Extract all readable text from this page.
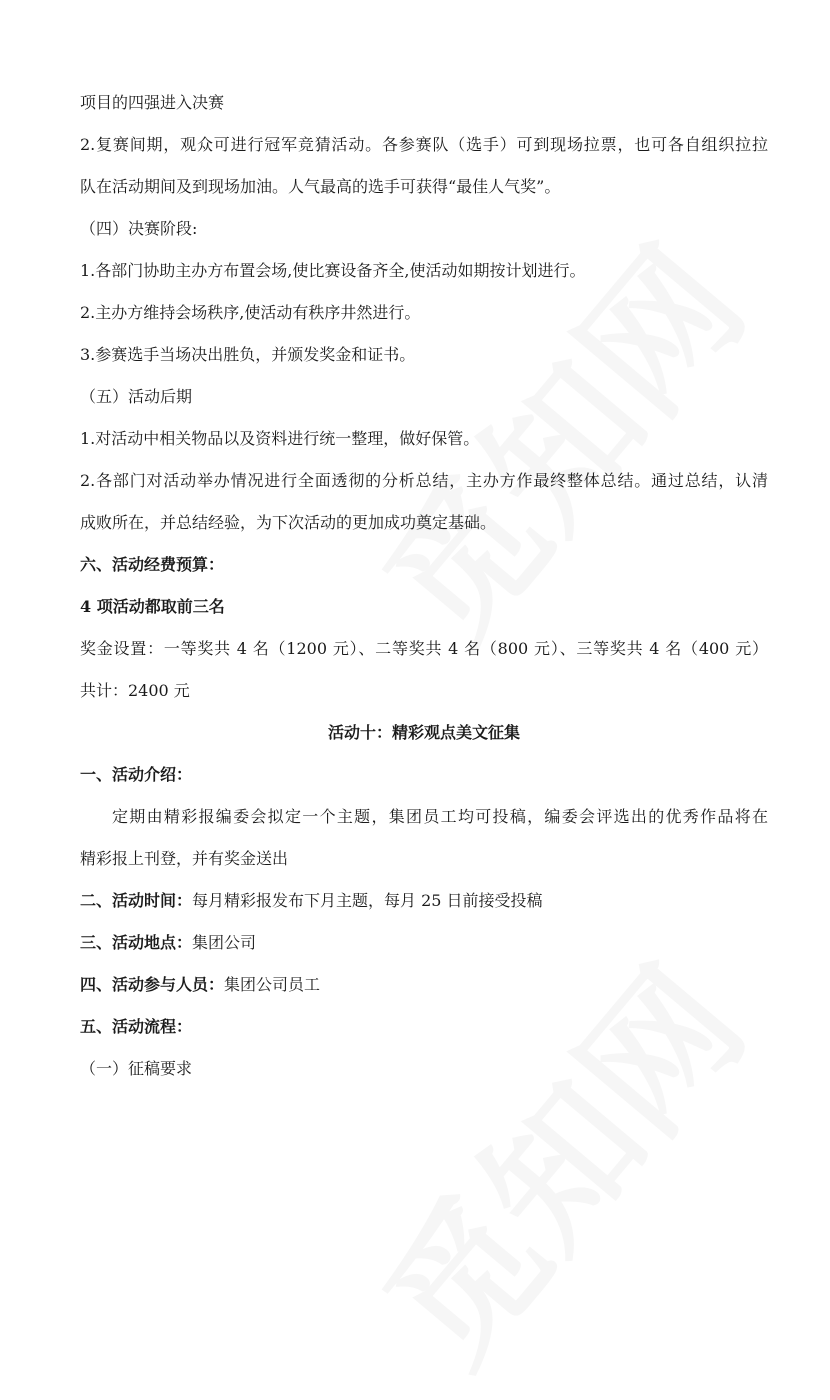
项目的四强进入决赛
2.复赛间期，观众可进行冠军竞猜活动。各参赛队（选手）可到现场拉票，也可各自组织拉拉
队在活动期间及到现场加油。人气最高的选手可获得“最佳人气奖”。
（四）决赛阶段:
1.各部门协助主办方布置会场,使比赛设备齐全,使活动如期按计划进行。
2.主办方维持会场秩序,使活动有秩序井然进行。
3.参赛选手当场决出胜负，并颁发奖金和证书。
（五）活动后期
1.对活动中相关物品以及资料进行统一整理，做好保管。
2.各部门对活动举办情况进行全面透彻的分析总结，主办方作最终整体总结。通过总结，认清
成败所在，并总结经验，为下次活动的更加成功奠定基础。
六、活动经费预算：
4 项活动都取前三名
奖金设置：一等奖共 4 名（1200 元）、二等奖共 4 名（800 元）、三等奖共 4 名（400 元）
共计：2400 元
活动十：精彩观点美文征集
一、活动介绍：
定期由精彩报编委会拟定一个主题，集团员工均可投稿，编委会评选出的优秀作品将在
精彩报上刊登，并有奖金送出
二、活动时间：每月精彩报发布下月主题，每月 25 日前接受投稿
三、活动地点：集团公司
四、活动参与人员：集团公司员工
五、活动流程：
（一）征稿要求
